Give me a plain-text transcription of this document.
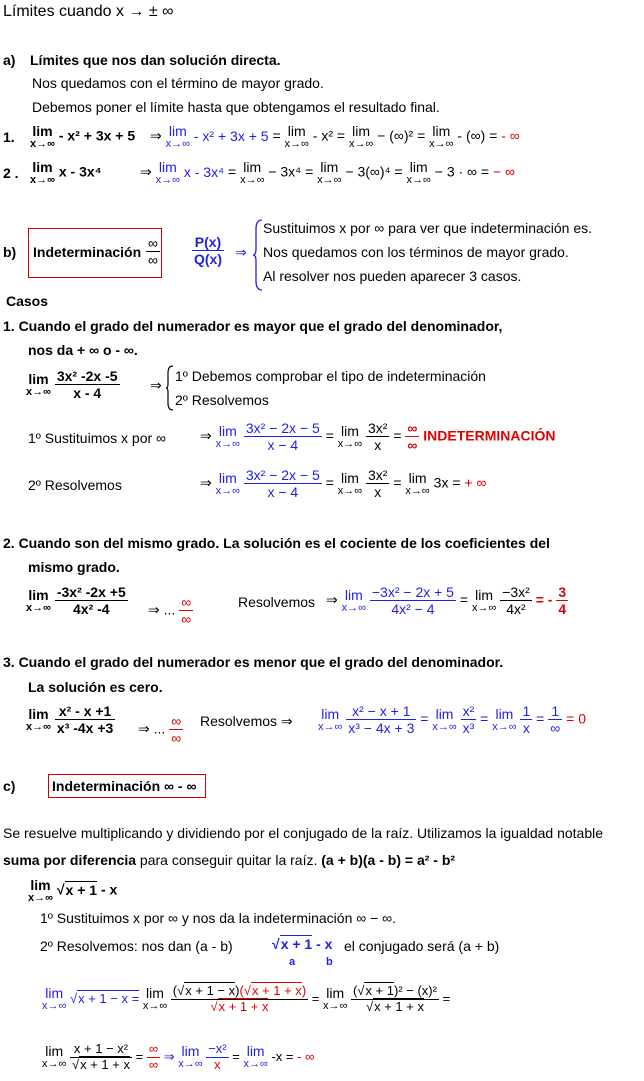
Límites cuando x → ± ∞
a) Límites que nos dan solución directa.
Nos quedamos con el término de mayor grado.
Debemos poner el límite hasta que obtengamos el resultado final.
1. lim
x→∞
- x² + 3x + 5 ⇒ lim
x→∞
- x² + 3x + 5 = lim
x→∞
- x² = lim
x→∞
− (∞)² = lim
x→∞
- (∞) = - ∞
2 . lim
x→∞
x - 3x⁴	⇒ lim
x→∞
x - 3x⁴ = lim
x→∞
− 3x⁴ = lim
x→∞
− 3(∞)⁴ = lim
x→∞
− 3 · ∞ = − ∞
b) Indeterminación $\frac{\infty}{\infty} \frac{P(x)}{Q(x)}$ ⇒
Sustituimos x por ∞ para ver que indeterminación es.
Nos quedamos con los términos de mayor grado.
Al resolver nos pueden aparecer 3 casos.
Casos
1. Cuando el grado del numerador es mayor que el grado del denominador,
nos da + ∞ o - ∞.
lim
x→∞
$\frac{\text{3x² -2x -5}}{x - 4}$ ⇒
1º Debemos comprobar el tipo de indeterminación
2º Resolvemos
1º Sustituimos x por ∞ ⇒ lim
x→∞
$\frac{\text{3x² − 2x − 5}}{x - 4} = \lim$
x→∞
$\frac{\text{3x²}}{x} = \frac{\infty}{\infty}$ INDETERMINACIÓN
2º Resolvemos	⇒ lim
x→∞
$\frac{\text{3x² − 2x − 5}}{x - 4} = \lim$
x→∞
$\frac{\text{3x²}}{x} = \lim$
x→∞
3x = + ∞
2. Cuando son del mismo grado. La solución es el cociente de los coeficientes del
mismo grado.
lim
x→∞
$\frac{\text{-3x² -2x +5}}{\text{4x² -4}}$ ⇒ ... $\frac{\infty}{\infty}$	Resolvemos ⇒ lim
x→∞
$\frac{\text{−3x² − 2x + 5}}{\text{4x² − 4}} = \lim$
x→∞
$\frac{\text{−3x²}}{\text{4x²}}$ = - $\frac{3}{4}$
3. Cuando el grado del numerador es menor que el grado del denominador.
La solución es cero.
lim
x→∞
$\frac{\text{x² - x +1}}{\text{x³ -4x +3}}$ ⇒ ... $\frac{\infty}{\infty}$ Resolvemos ⇒ lim
x→∞
$\frac{\text{x² − x + 1}}{\text{x³ − 4x + 3}} = \lim$
x→∞
$\frac{\text{x²}}{\text{x³}} = \lim$
x→∞
$\frac{1}{x} = \frac{1}{\infty} = 0$
c)	Indeterminación ∞ - ∞
Se resuelve multiplicando y dividiendo por el conjugado de la raíz. Utilizamos la igualdad notable
suma por diferencia para conseguir quitar la raíz. (a + b)(a - b) = a² - b²
lim
x→∞
√x + 1 - x
1º Sustituimos x por ∞ y nos da la indeterminación ∞ − ∞.
2º Resolvemos: nos dan (a - b)	√x + 1 - x
a	b
el conjugado será (a + b)
lim
x→∞
√x + 1 − x = lim
x→∞
$\frac{(√x + 1 - x)(√x + 1 + x)}{√x + 1 + x} = \lim$
x→∞
$\frac{\text{(√x + 1)² − (x)²}}{√x + 1 + x}$ =
lim
x→∞
$\frac{\text{x + 1 − x²}}{√x + 1 + x} = \frac{\infty}{\infty}$ ⇒ lim
x→∞
$\frac{\text{−x²}}{x} = \lim$
x→∞
-x = - ∞
